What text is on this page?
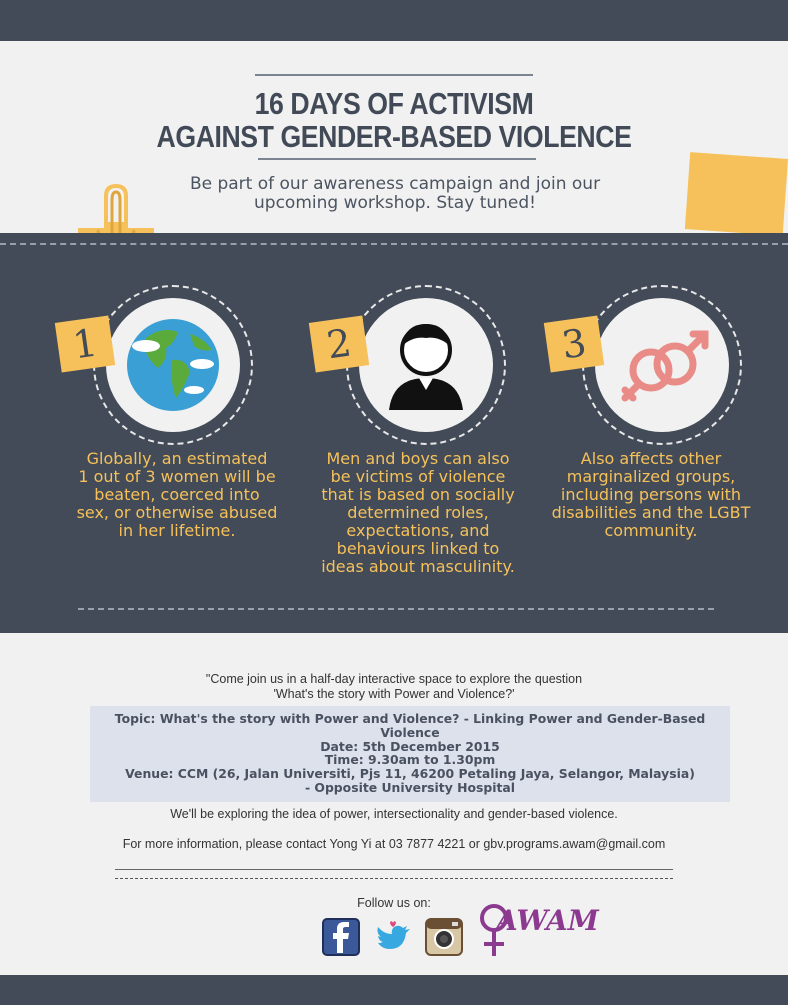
16 DAYS OF ACTIVISM
AGAINST GENDER-BASED VIOLENCE
Be part of our awareness campaign and join our
upcoming workshop. Stay tuned!
1	2	3
Globally, an estimated
1 out of 3 women will be
beaten, coerced into
sex, or otherwise abused
in her lifetime.
Men and boys can also
be victims of violence
that is based on socially
determined roles,
expectations, and
behaviours linked to
ideas about masculinity.
Also affects other
marginalized groups,
including persons with
disabilities and the LGBT
community.
"Come join us in a half-day interactive space to explore the question
'What's the story with Power and Violence?'
Topic: What's the story with Power and Violence? - Linking Power and Gender-Based
Violence
Date: 5th December 2015
Time: 9.30am to 1.30pm
Venue: CCM (26, Jalan Universiti, Pjs 11, 46200 Petaling Jaya, Selangor, Malaysia)
- Opposite University Hospital
We'll be exploring the idea of power, intersectionality and gender-based violence.
For more information, please contact Yong Yi at 03 7877 4221 or gbv.programs.awam@gmail.com
Follow us on:
AWAM
